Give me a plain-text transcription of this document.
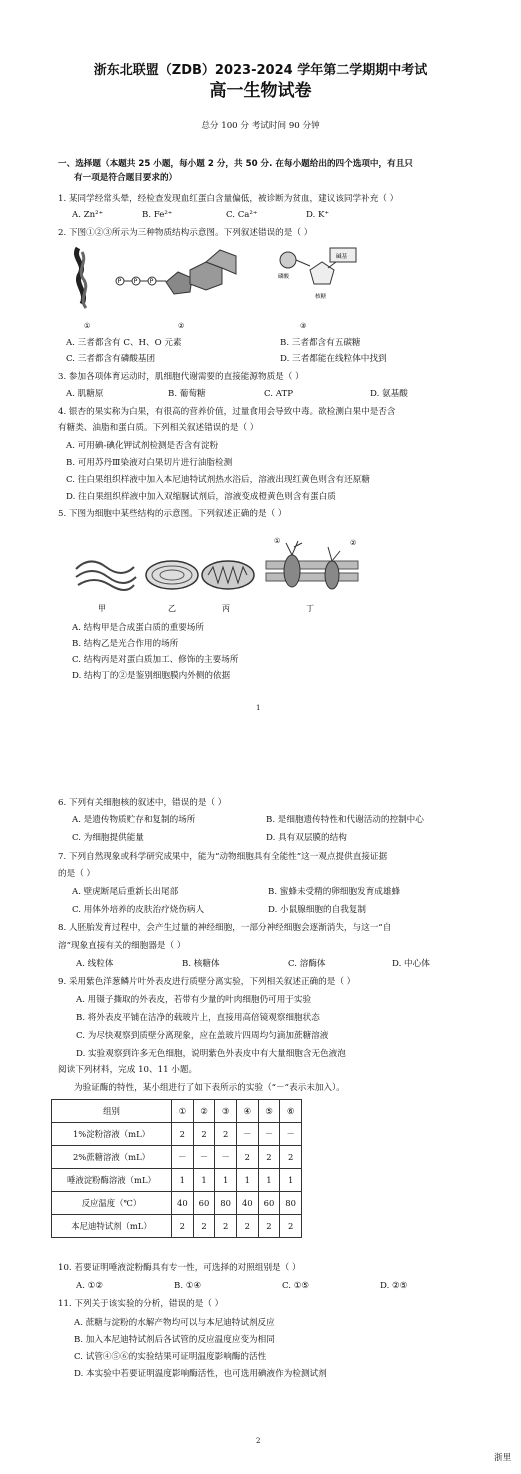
浙东北联盟（ZDB）2023-2024 学年第二学期期中考试
高一生物试卷
总分 100 分 考试时间 90 分钟
一、选择题（本题共 25 小题，每小题 2 分，共 50 分. 在每小题给出的四个选项中，有且只
有一项是符合题目要求的）
1. 某同学经常头晕，经检查发现血红蛋白含量偏低，被诊断为贫血，建议该同学补充（ ）
A. Zn²⁺	B. Fe²⁺	C. Ca²⁺	D. K⁺
2. 下图①②③所示为三种物质结构示意图。下列叙述错误的是（ ）
P P P
磷酸
碱基
核糖
①	②	③
A. 三者都含有 C、H、O 元素	B. 三者都含有五碳糖
C. 三者都含有磷酸基团	D. 三者都能在线粒体中找到
3. 参加各项体育运动时，肌细胞代谢需要的直接能源物质是（ ）
A. 肌糖原	B. 葡萄糖	C. ATP	D. 氨基酸
4. 银杏的果实称为白果，有很高的营养价值，过量食用会导致中毒。欲检测白果中是否含
有糖类、油脂和蛋白质。下列相关叙述错误的是（ ）
A. 可用碘-碘化钾试剂检测是否含有淀粉
B. 可用苏丹Ⅲ染液对白果切片进行油脂检测
C. 往白果组织样液中加入本尼迪特试剂热水浴后，溶液出现红黄色则含有还原糖
D. 往白果组织样液中加入双缩脲试剂后，溶液变成橙黄色则含有蛋白质
5. 下图为细胞中某些结构的示意图。下列叙述正确的是（ ）
①	②
甲	乙	丙	丁
A. 结构甲是合成蛋白质的重要场所
B. 结构乙是光合作用的场所
C. 结构丙是对蛋白质加工、修饰的主要场所
D. 结构丁的②是鉴别细胞膜内外侧的依据
1
6. 下列有关细胞核的叙述中，错误的是（ ）
A. 是遗传物质贮存和复制的场所	B. 是细胞遗传特性和代谢活动的控制中心
C. 为细胞提供能量	D. 具有双层膜的结构
7. 下列自然现象或科学研究成果中，能为“动物细胞具有全能性”这一观点提供直接证据
的是（ ）
A. 壁虎断尾后重新长出尾部	B. 蜜蜂未受精的卵细胞发育成雄蜂
C. 用体外培养的皮肤治疗烧伤病人	D. 小鼠腺细胞的自我复制
8. 人胚胎发育过程中，会产生过量的神经细胞，一部分神经细胞会逐渐消失，与这一“自
溶”现象直接有关的细胞器是（ ）
A. 线粒体	B. 核糖体	C. 溶酶体	D. 中心体
9. 采用紫色洋葱鳞片叶外表皮进行质壁分离实验，下列相关叙述正确的是（ ）
A. 用镊子撕取的外表皮，若带有少量的叶肉细胞仍可用于实验
B. 将外表皮平铺在洁净的载玻片上，直接用高倍镜观察细胞状态
C. 为尽快观察到质壁分离现象，应在盖玻片四周均匀滴加蔗糖溶液
D. 实验观察到许多无色细胞，说明紫色外表皮中有大量细胞含无色液泡
阅读下列材料，完成 10、11 小题。
为验证酶的特性，某小组进行了如下表所示的实验（“－”表示未加入）。
组别	①	②	③	④	⑤	⑥
1%淀粉溶液（mL）	2	2	2	－	－	－
2%蔗糖溶液（mL）	－	－	－	2	2	2
唾液淀粉酶溶液（mL）	1	1	1	1	1	1
反应温度（℃）	40	60	80	40	60	80
本尼迪特试剂（mL）	2	2	2	2	2	2
10. 若要证明唾液淀粉酶具有专一性，可选择的对照组别是（ ）
A. ①②	B. ①④	C. ①⑤	D. ②⑤
11. 下列关于该实验的分析，错误的是（ ）
A. 蔗糖与淀粉的水解产物均可以与本尼迪特试剂反应
B. 加入本尼迪特试剂后各试管的反应温度应变为相同
C. 试管④⑤⑥的实验结果可证明温度影响酶的活性
D. 本实验中若要证明温度影响酶活性，也可选用碘液作为检测试剂
2
浙里
